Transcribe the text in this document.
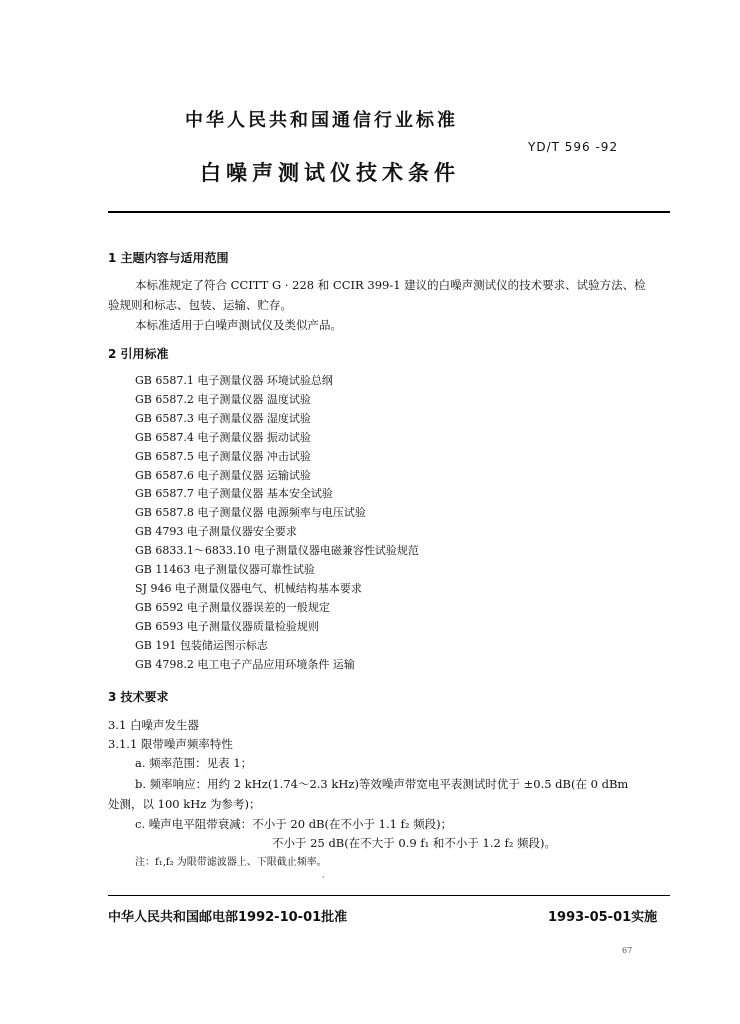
中华人民共和国通信行业标准
YD/T 596 -92
白噪声测试仪技术条件
1 主题内容与适用范围
本标准规定了符合 CCITT G · 228 和 CCIR 399-1 建议的白噪声测试仪的技术要求、试验方法、检
验规则和标志、包装、运输、贮存。
本标准适用于白噪声测试仪及类似产品。
2 引用标准
GB 6587.1 电子测量仪器 环境试验总纲
GB 6587.2 电子测量仪器 温度试验
GB 6587.3 电子测量仪器 湿度试验
GB 6587.4 电子测量仪器 振动试验
GB 6587.5 电子测量仪器 冲击试验
GB 6587.6 电子测量仪器 运输试验
GB 6587.7 电子测量仪器 基本安全试验
GB 6587.8 电子测量仪器 电源频率与电压试验
GB 4793 电子测量仪器安全要求
GB 6833.1～6833.10 电子测量仪器电磁兼容性试验规范
GB 11463 电子测量仪器可靠性试验
SJ 946 电子测量仪器电气、机械结构基本要求
GB 6592 电子测量仪器误差的一般规定
GB 6593 电子测量仪器质量检验规则
GB 191 包装储运图示标志
GB 4798.2 电工电子产品应用环境条件 运输
3 技术要求
3.1 白噪声发生器
3.1.1 限带噪声频率特性
a. 频率范围：见表 1；
b. 频率响应：用约 2 kHz(1.74～2.3 kHz)等效噪声带宽电平表测试时优于 ±0.5 dB(在 0 dBm
处测，以 100 kHz 为参考)；
c. 噪声电平阻带衰减：不小于 20 dB(在不小于 1.1 f₂ 频段)；
不小于 25 dB(在不大于 0.9 f₁ 和不小于 1.2 f₂ 频段)。
注：f₁,f₂ 为限带滤波器上、下限截止频率。
·
中华人民共和国邮电部1992-10-01批准	1993-05-01实施
67
